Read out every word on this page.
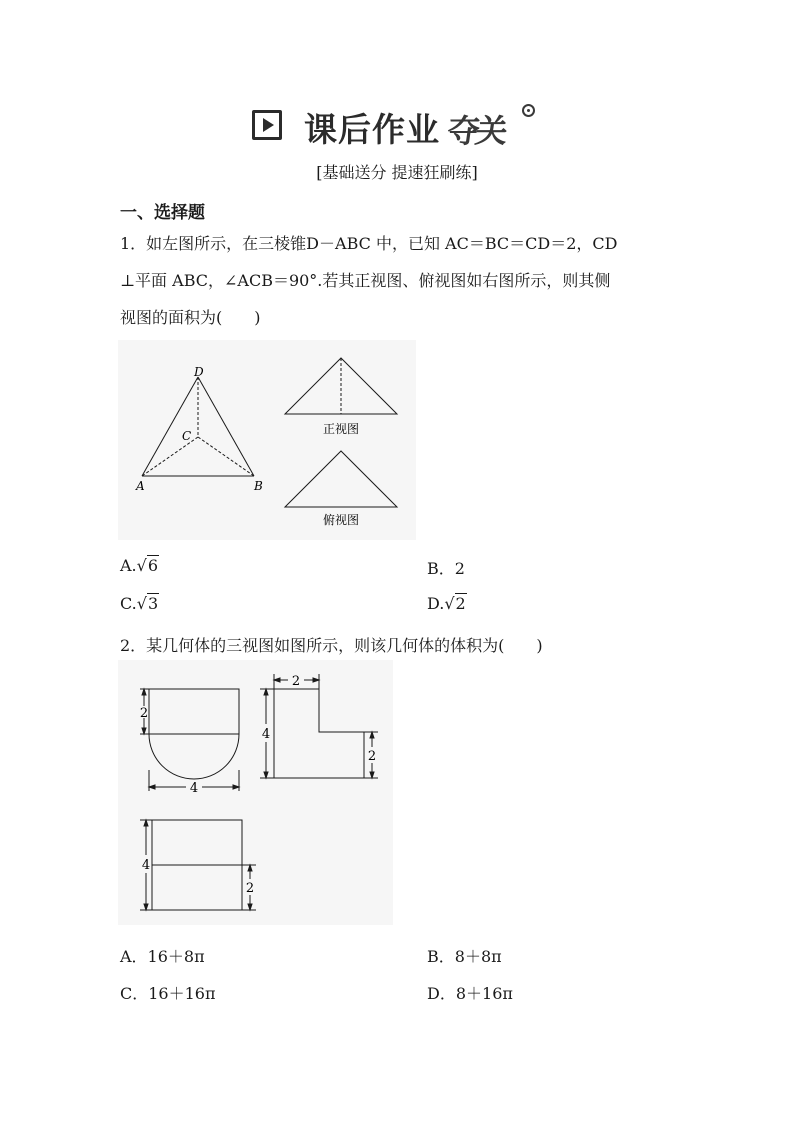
课后作业 夺关
[基础送分 提速狂刷练]
一、选择题
1．如左图所示，在三棱锥D－ABC 中，已知 AC＝BC＝CD＝2，CD
⊥平面 ABC，∠ACB＝90°.若其正视图、俯视图如右图所示，则其侧
视图的面积为(　　)
D
C
A	B
正视图
俯视图
A.√6	B．2
C.√3	D.√2
2．某几何体的三视图如图所示，则该几何体的体积为(　　)
2
4
2
4
2
4
2
A．16＋8π	B．8＋8π
C．16＋16π	D．8＋16π
